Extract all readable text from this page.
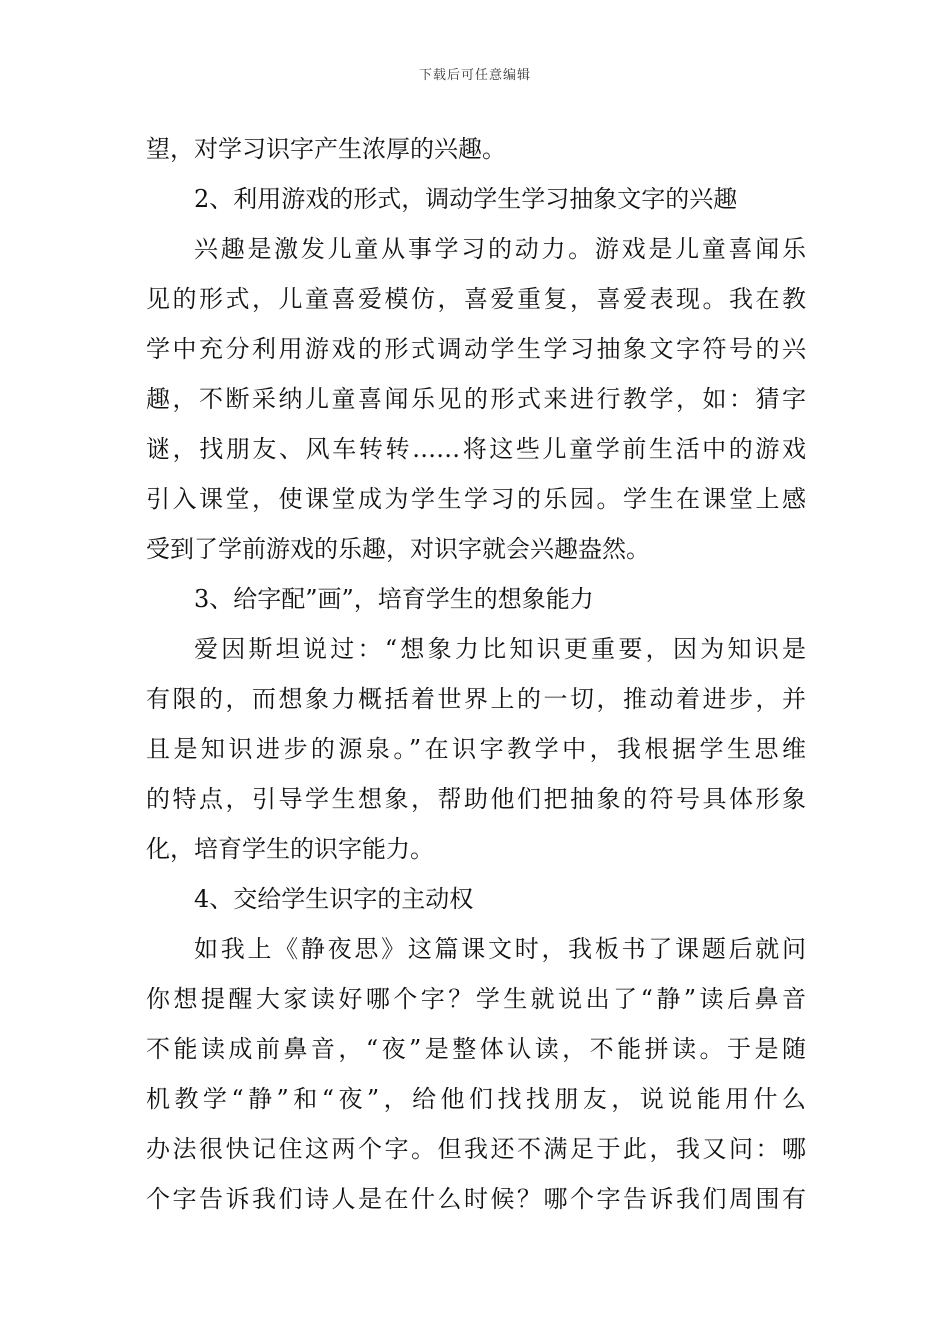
下载后可任意编辑
望，对学习识字产生浓厚的兴趣。
2、利用游戏的形式，调动学生学习抽象文字的兴趣
兴趣是激发儿童从事学习的动力。游戏是儿童喜闻乐
见的形式，儿童喜爱模仿，喜爱重复，喜爱表现。我在教
学中充分利用游戏的形式调动学生学习抽象文字符号的兴
趣，不断采纳儿童喜闻乐见的形式来进行教学，如：猜字
谜，找朋友、风车转转……将这些儿童学前生活中的游戏
引入课堂，使课堂成为学生学习的乐园。学生在课堂上感
受到了学前游戏的乐趣，对识字就会兴趣盎然。
3、给字配”画”，培育学生的想象能力
爱因斯坦说过：“想象力比知识更重要，因为知识是
有限的，而想象力概括着世界上的一切，推动着进步，并
且是知识进步的源泉。”在识字教学中，我根据学生思维
的特点，引导学生想象，帮助他们把抽象的符号具体形象
化，培育学生的识字能力。
4、交给学生识字的主动权
如我上《静夜思》这篇课文时，我板书了课题后就问
你想提醒大家读好哪个字？学生就说出了“静”读后鼻音
不能读成前鼻音，“夜”是整体认读，不能拼读。于是随
机教学“静”和“夜”，给他们找找朋友，说说能用什么
办法很快记住这两个字。但我还不满足于此，我又问：哪
个字告诉我们诗人是在什么时候？哪个字告诉我们周围有
